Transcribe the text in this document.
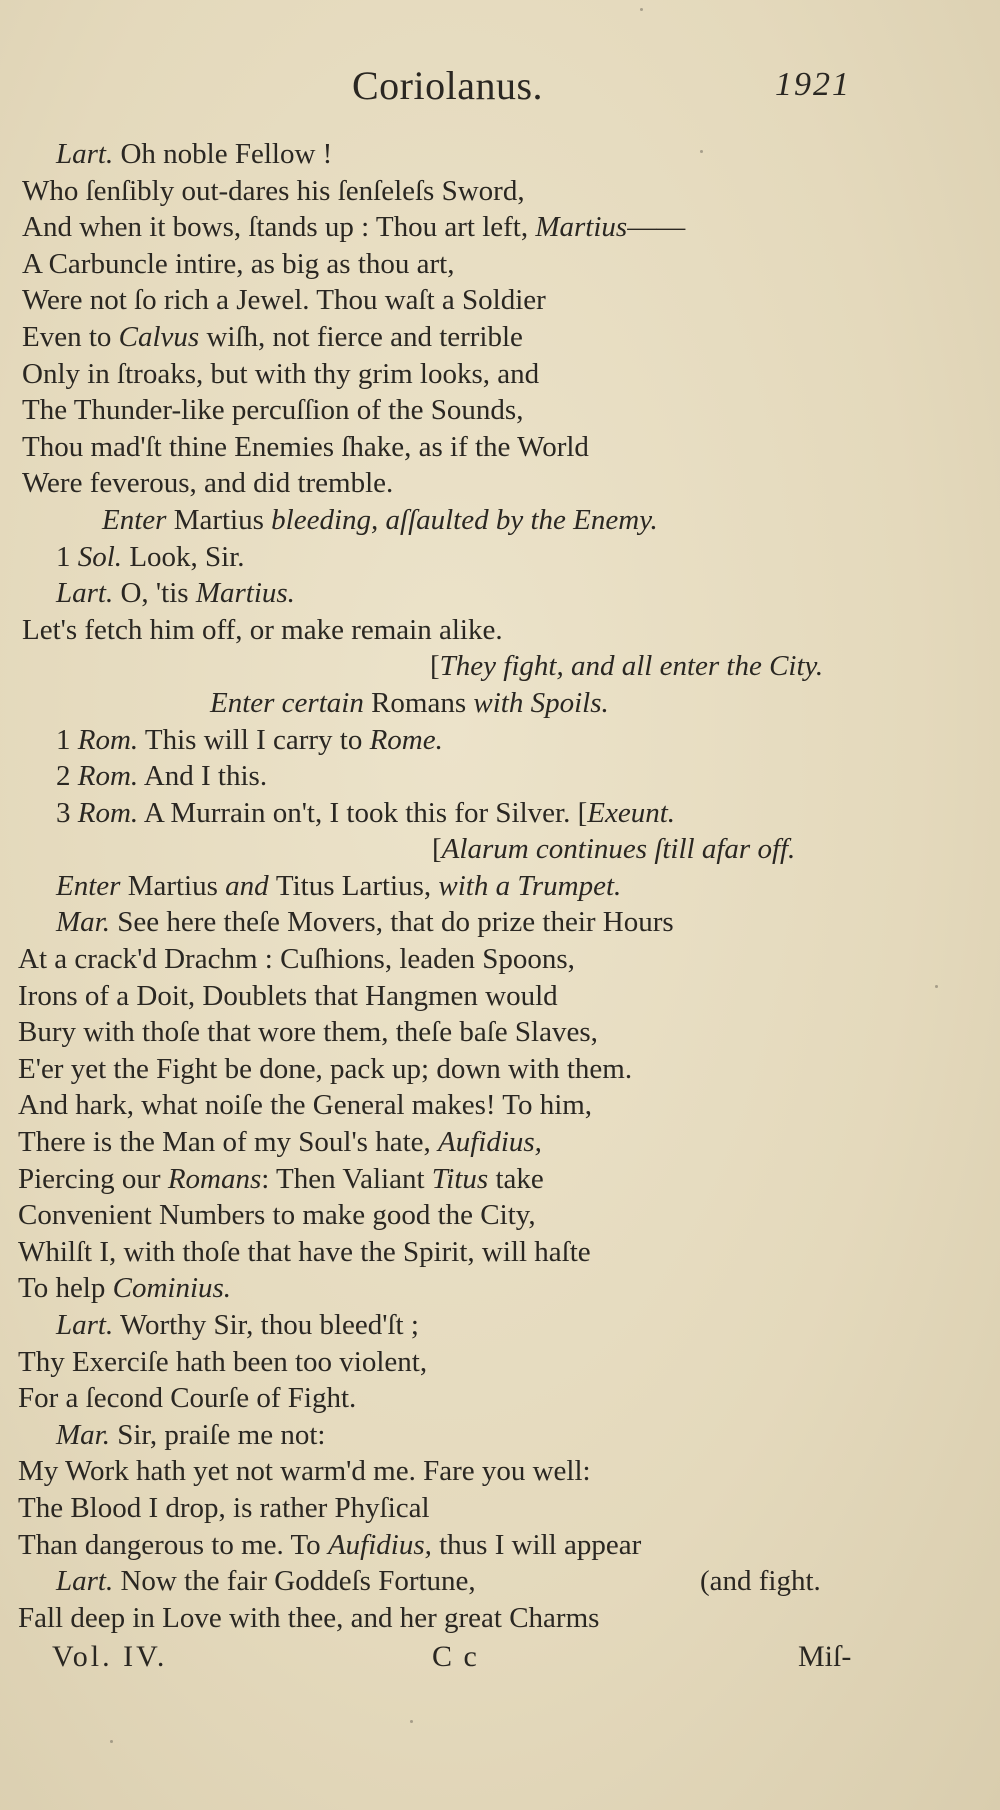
Coriolanus.	1921
Lart. Oh noble Fellow !
Who ſenſibly out-dares his ſenſeleſs Sword,
And when it bows, ſtands up : Thou art left, Martius——
A Carbuncle intire, as big as thou art,
Were not ſo rich a Jewel. Thou waſt a Soldier
Even to Calvus wiſh, not fierce and terrible
Only in ſtroaks, but with thy grim looks, and
The Thunder-like percuſſion of the Sounds,
Thou mad'ſt thine Enemies ſhake, as if the World
Were feverous, and did tremble.
Enter Martius bleeding, aſſaulted by the Enemy.
1 Sol. Look, Sir.
Lart. O, 'tis Martius.
Let's fetch him off, or make remain alike.
[They fight, and all enter the City.
Enter certain Romans with Spoils.
1 Rom. This will I carry to Rome.
2 Rom. And I this.
3 Rom. A Murrain on't, I took this for Silver. [Exeunt.
[Alarum continues ſtill afar off.
Enter Martius and Titus Lartius, with a Trumpet.
Mar. See here theſe Movers, that do prize their Hours
At a crack'd Drachm : Cuſhions, leaden Spoons,
Irons of a Doit, Doublets that Hangmen would
Bury with thoſe that wore them, theſe baſe Slaves,
E'er yet the Fight be done, pack up; down with them.
And hark, what noiſe the General makes! To him,
There is the Man of my Soul's hate, Aufidius,
Piercing our Romans: Then Valiant Titus take
Convenient Numbers to make good the City,
Whilſt I, with thoſe that have the Spirit, will haſte
To help Cominius.
Lart. Worthy Sir, thou bleed'ſt ;
Thy Exerciſe hath been too violent,
For a ſecond Courſe of Fight.
Mar. Sir, praiſe me not:
My Work hath yet not warm'd me. Fare you well:
The Blood I drop, is rather Phyſical
Than dangerous to me. To Aufidius, thus I will appear
Lart. Now the fair Goddeſs Fortune,	(and fight.
Fall deep in Love with thee, and her great Charms
Vol. IV.	C c	Miſ-
